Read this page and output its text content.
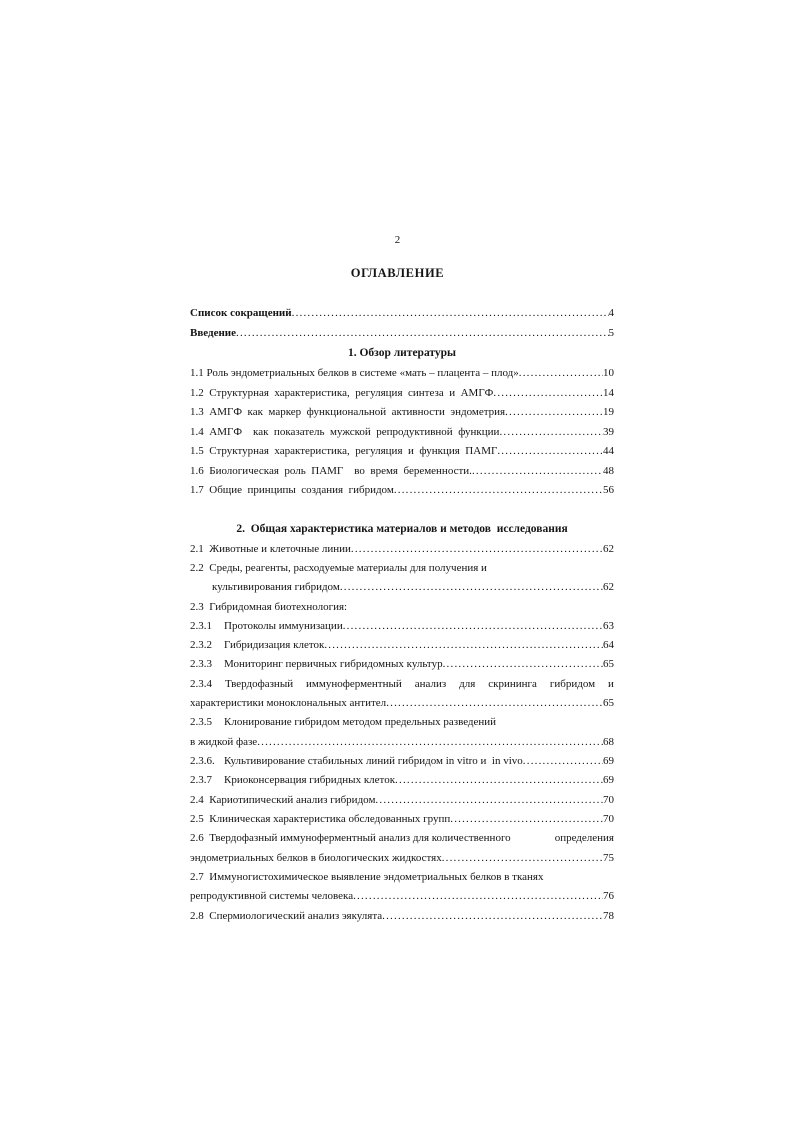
2
ОГЛАВЛЕНИЕ
Список сокращений .....	4
Введение .....	5
1. Обзор литературы
1.1 Роль эндометриальных белков в системе «мать – плацента – плод» .....	10
1.2  Структурная  характеристика,  регуляция  синтеза  и  АМГФ .....	14
1.3  АМГФ  как  маркер  функциональной  активности  эндометрия .....	19
1.4  АМГФ    как  показатель  мужской  репродуктивной  функции .....	39
1.5  Структурная  характеристика,  регуляция  и  функция  ПАМГ .....	44
1.6  Биологическая  роль  ПАМГ    во  время  беременности. .....	48
1.7  Общие  принципы  создания  гибридом .....	56
2.  Общая характеристика материалов и методов  исследования
2.1  Животные и клеточные линии .....	62
2.2  Среды, реагенты, расходуемые материалы для получения и
культивирования гибридом .....	62
2.3  Гибридомная биотехнология:
2.3.1	Протоколы иммунизации .....	63
2.3.2	Гибридизация клеток .....	64
2.3.3	Мониторинг первичных гибридомных культур .....	65
2.3.4 Твердофазный иммуноферментный анализ для скрининга гибридом и
характеристики моноклональных антител .....	65
2.3.5	Клонирование гибридом методом предельных разведений
в жидкой фазе .....	68
2.3.6. Культивирование стабильных линий гибридом in vitro и  in vivo .....	69
2.3.7	Криоконсервация гибридных клеток .....	69
2.4  Кариотипический анализ гибридом .....	70
2.5  Клиническая характеристика обследованных групп .....	70
2.6  Твердофазный иммуноферментный анализ для количественного	определения
эндометриальных белков в биологических жидкостях .....	75
2.7  Иммуногистохимическое выявление эндометриальных белков в тканях
репродуктивной системы человека .....	76
2.8  Спермиологический анализ эякулята .....	78
